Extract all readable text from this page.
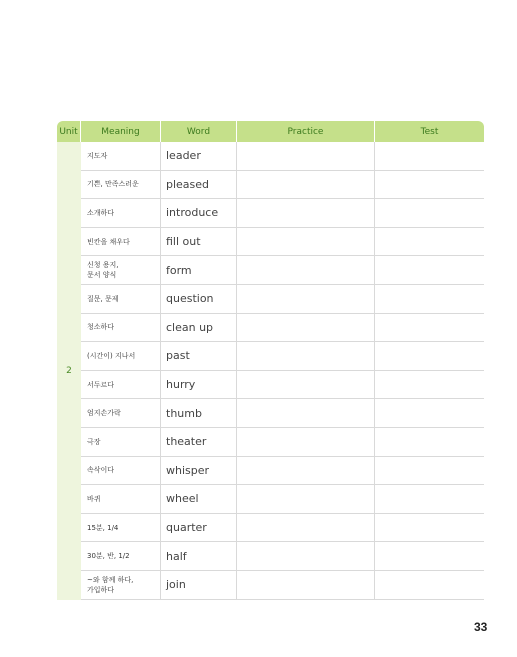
Unit	Meaning	Word	Practice	Test
2
지도자	leader
기쁜, 만족스러운	pleased
소개하다	introduce
빈칸을 채우다	fill out
신청 용지,
문서 양식	form
질문, 문제	question
청소하다	clean up
(시간이) 지나서	past
서두르다	hurry
엄지손가락	thumb
극장	theater
속삭이다	whisper
바퀴	wheel
15분, 1/4	quarter
30분, 반, 1/2	half
~와 함께 하다,
가입하다	join
33
